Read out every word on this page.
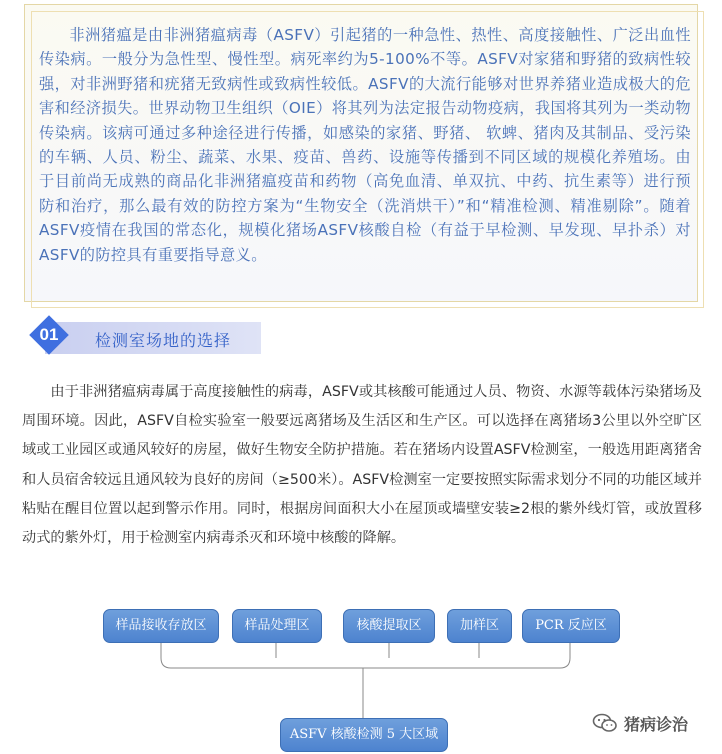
非洲猪瘟是由非洲猪瘟病毒（ASFV）引起猪的一种急性、热性、高度接触性、广泛出血性传染病。一般分为急性型、慢性型。病死率约为5-100%不等。ASFV对家猪和野猪的致病性较强，对非洲野猪和疣猪无致病性或致病性较低。ASFV的大流行能够对世界养猪业造成极大的危害和经济损失。世界动物卫生组织（OIE）将其列为法定报告动物疫病，我国将其列为一类动物传染病。该病可通过多种途径进行传播，如感染的家猪、野猪、 软蜱、猪肉及其制品、受污染的车辆、人员、粉尘、蔬菜、水果、疫苗、兽药、设施等传播到不同区域的规模化养殖场。由于目前尚无成熟的商品化非洲猪瘟疫苗和药物（高免血清、单双抗、中药、抗生素等）进行预防和治疗，那么最有效的防控方案为“生物安全（洗消烘干）”和“精准检测、精准剔除”。随着ASFV疫情在我国的常态化，规模化猪场ASFV核酸自检（有益于早检测、早发现、早扑杀）对ASFV的防控具有重要指导意义。

01 检测室场地的选择

由于非洲猪瘟病毒属于高度接触性的病毒，ASFV或其核酸可能通过人员、物资、水源等载体污染猪场及周围环境。因此，ASFV自检实验室一般要远离猪场及生活区和生产区。可以选择在离猪场3公里以外空旷区域或工业园区或通风较好的房屋，做好生物安全防护措施。若在猪场内设置ASFV检测室，一般选用距离猪舍和人员宿舍较远且通风较为良好的房间（≥500米）。ASFV检测室一定要按照实际需求划分不同的功能区域并粘贴在醒目位置以起到警示作用。同时，根据房间面积大小在屋顶或墙壁安装≥2根的紫外线灯管，或放置移动式的紫外灯，用于检测室内病毒杀灭和环境中核酸的降解。

样品接收存放区	样品处理区	核酸提取区	加样区	PCR 反应区
ASFV 核酸检测 5 大区域
猪病诊治
